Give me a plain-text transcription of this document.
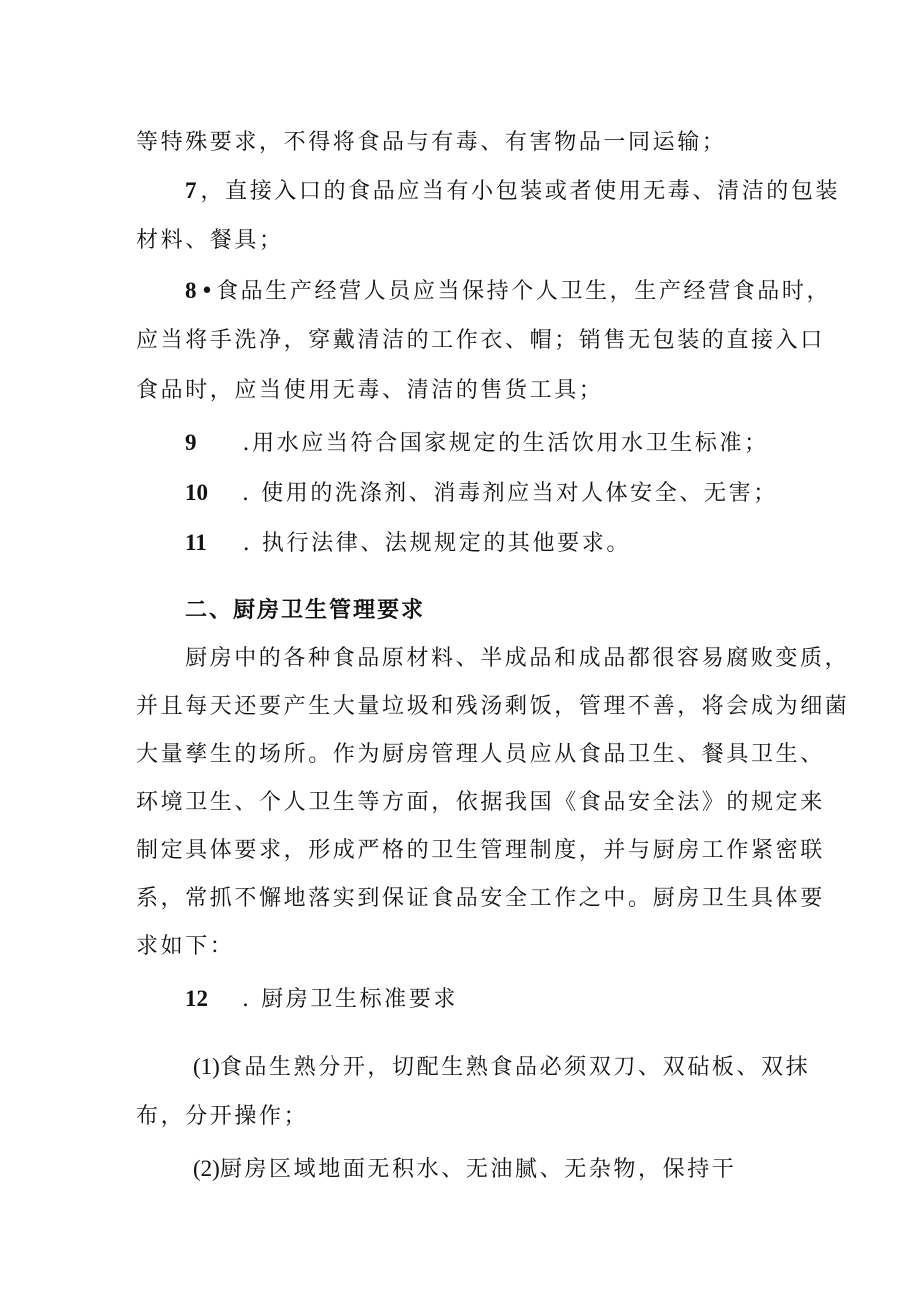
等特殊要求，不得将食品与有毒、有害物品一同运输；
7 ，直接入口的食品应当有小包装或者使用无毒、清洁的包装
材料、餐具；
8 •食品生产经营人员应当保持个人卫生，生产经营食品时，
应当将手洗净，穿戴清洁的工作衣、帽；销售无包装的直接入口
食品时，应当使用无毒、清洁的售货工具；
9 .用水应当符合国家规定的生活饮用水卫生标准；
10 . 使用的洗涤剂、消毒剂应当对人体安全、无害；
11 . 执行法律、法规规定的其他要求。
二、厨房卫生管理要求
厨房中的各种食品原材料、半成品和成品都很容易腐败变质，
并且每天还要产生大量垃圾和残汤剩饭，管理不善，将会成为细菌
大量孳生的场所。作为厨房管理人员应从食品卫生、餐具卫生、
环境卫生、个人卫生等方面，依据我国《食品安全法》的规定来
制定具体要求，形成严格的卫生管理制度，并与厨房工作紧密联
系，常抓不懈地落实到保证食品安全工作之中。厨房卫生具体要
求如下：
12 . 厨房卫生标准要求
(1)食品生熟分开，切配生熟食品必须双刀、双砧板、双抹
布，分开操作；
(2)厨房区域地面无积水、无油腻、无杂物，保持干
